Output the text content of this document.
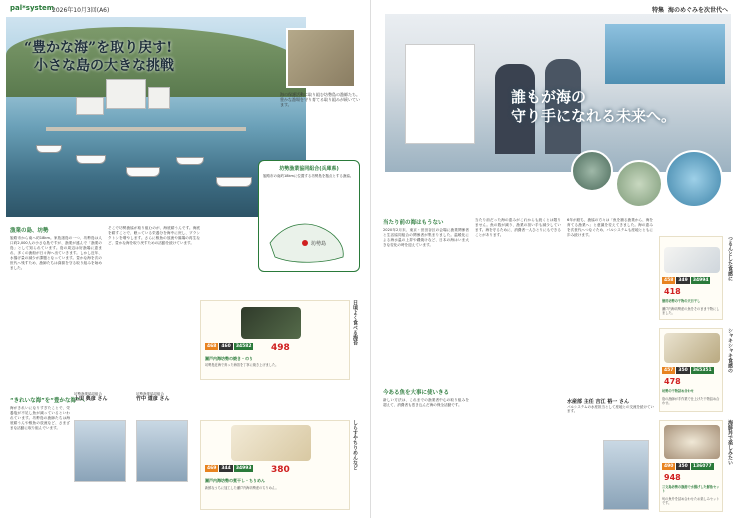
pal*system
2026年10月3回(A6)
“豊かな海”を取り戻す!
小さな島の大きな挑戦
海の保護活動に取り組む坊勢島の漁師たち。豊かな漁場を守り育てる取り組みが続いています。
坊勢漁業協同組合(兵庫県)
姫路市の南約18kmに位置する坊勢島を拠点とする漁協。
坊勢島
漁業の島、坊勢
姫路市から南へ約18km。家島諸島の一つ、坊勢島は人口約2,000人の小さな島ですが、漁業が盛んで「漁業の島」として知られています。島の周辺は好漁場に恵まれ、多くの漁船が日々海へ出ていきます。しかし近年、水揚げ量の減少が課題となっています。豊かな海を次の世代へ残すため、漁師たちは資源を守る取り組みを始めました。
そこで坊勢漁協が取り組むのが、海底耕うんです。海底を耕すことで、眠っている栄養分を海中に戻し、プランクトンを増やします。さらに稚魚の放流や藻場の再生など、豊かな海を取り戻すための活動を続けています。
“きれいな海”を“豊かな海”へ
海がきれいになりすぎたことで、栄養塩が不足し魚が減っているといわれています。坊勢島の漁師たちは海底耕うんや稚魚の放流など、さまざまな活動に取り組んでいます。
坊勢漁業協同組合
上田 典彦 さん
坊勢漁業協同組合
竹中 道彦 さん
468	460	34582 498
瀬戸内海坊勢の焼き・のり
坊勢島近海で育った海苔を丁寧に焼き上げました。
日頃よく食べる海苔
469	344	34993 380
瀬戸内海坊勢の煮干し・ちりめん
新鮮なうちに加工した瀬戸内海坊勢産のちりめん。
しらすやちりめんなど
特集 海のめぐみを次世代へ
誰もが海の
守り手になれる未来へ。
当たり前の海はもうない
2020年2月末、東京・世田谷区の会場に漁業関係者と生活協同組合の関係者が集まりました。温暖化による海水温の上昇や磯焼けなど、日本の海はいま大きな変化の時を迎えています。
当たり前だった海の恵みがこれからも続くとは限りません。魚の数が減り、漁業の担い手も減少しています。海を守るために、消費者一人ひとりにもできることがあります。
6年が経ち、漁協の方々は「魚を捕る漁業から、海を育てる漁業へ」と意識を変えてきました。海の恵みを次世代へつなぐため、パルシステムも産地とともに歩み続けます。
今ある魚を大事に使いきる
新しい方法は、これまでの漁業者中心の取り組みを超えて、消費者も巻き込んだ海の保全活動です。	水産部 主任 吉江 裕一 さん
パルシステムの水産担当として産地との交流を続けています。
458	349	34994
418
徳用坊勢の干物の天日干し
瀬戸内海坊勢産の魚をそのまま干物にしました。
つるんとした食感に
457	350	365351
478
坊勢の干物詰め合わせ
島の漁師が手作業で仕上げた干物詰め合わせ。
シャキシャキ食感の
490	350	136077
948
三文島坊勢の漁港で水揚げした鮮魚セット
旬の魚介を詰め合わせたお楽しみセットです。
海鮮丼で楽しみたい
